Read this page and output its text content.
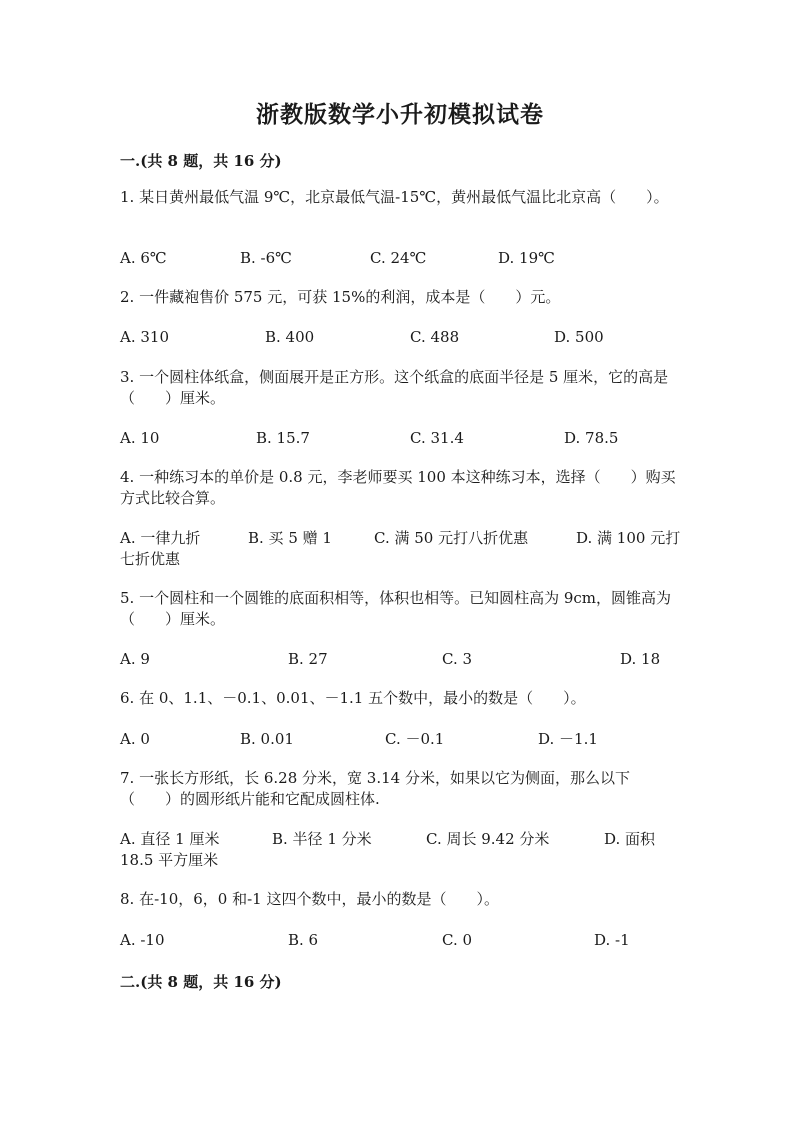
浙教版数学小升初模拟试卷
一.(共 8 题，共 16 分)
1. 某日黄州最低气温 9℃，北京最低气温-15℃，黄州最低气温比北京高（　　）。
A. 6℃	B. -6℃	C. 24℃	D. 19℃
2. 一件藏袍售价 575 元，可获 15%的利润，成本是（　　）元。
A. 310	B. 400	C. 488	D. 500
3. 一个圆柱体纸盒，侧面展开是正方形。这个纸盒的底面半径是 5 厘米，它的高是（　　）厘米。
A. 10	B. 15.7	C. 31.4	D. 78.5
4. 一种练习本的单价是 0.8 元，李老师要买 100 本这种练习本，选择（　　）购买方式比较合算。
A. 一律九折	B. 买 5 赠 1	C. 满 50 元打八折优惠	D. 满 100 元打
七折优惠
5. 一个圆柱和一个圆锥的底面积相等，体积也相等。已知圆柱高为 9cm，圆锥高为（　　）厘米。
A. 9	B. 27	C. 3	D. 18
6. 在 0、1.1、－0.1、0.01、－1.1 五个数中，最小的数是（　　）。
A. 0	B. 0.01	C. －0.1	D. －1.1
7. 一张长方形纸，长 6.28 分米，宽 3.14 分米，如果以它为侧面，那么以下（　　）的圆形纸片能和它配成圆柱体.
A. 直径 1 厘米	B. 半径 1 分米	C. 周长 9.42 分米	D. 面积
18.5 平方厘米
8. 在-10，6，0 和-1 这四个数中，最小的数是（　　）。
A. -10	B. 6	C. 0	D. -1
二.(共 8 题，共 16 分)
